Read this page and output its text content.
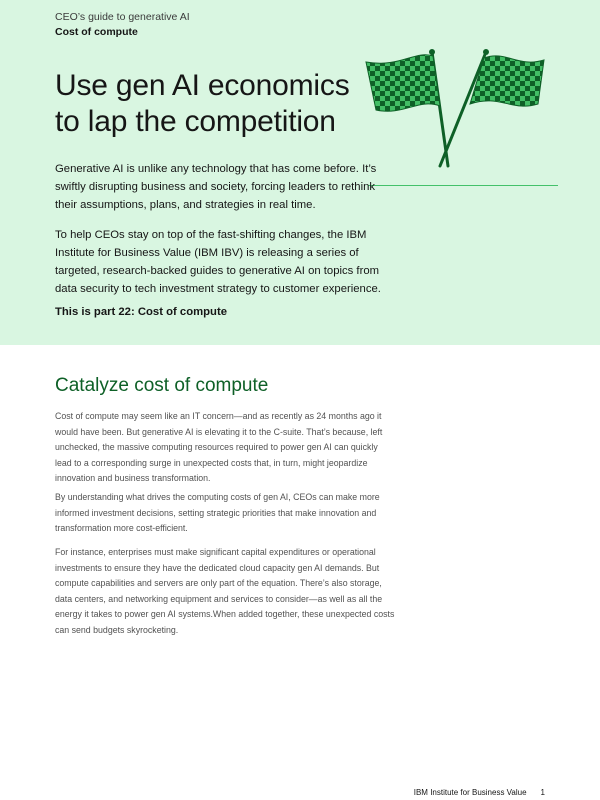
CEO’s guide to generative AI
Cost of compute
Use gen AI economics to lap the competition

Generative AI is unlike any technology that has come before. It’s swiftly disrupting business and society, forcing leaders to rethink their assumptions, plans, and strategies in real time.

To help CEOs stay on top of the fast-shifting changes, the IBM Institute for Business Value (IBM IBV) is releasing a series of targeted, research-backed guides to generative AI on topics from data security to tech investment strategy to customer experience.

This is part 22: Cost of compute

Catalyze cost of compute

Cost of compute may seem like an IT concern—and as recently as 24 months ago it would have been. But generative AI is elevating it to the C-suite. That’s because, left unchecked, the massive computing resources required to power gen AI can quickly lead to a corresponding surge in unexpected costs that, in turn, might jeopardize innovation and business transformation.

By understanding what drives the computing costs of gen AI, CEOs can make more informed investment decisions, setting strategic priorities that make innovation and transformation more cost-efficient.

For instance, enterprises must make significant capital expenditures or operational investments to ensure they have the dedicated cloud capacity gen AI demands. But compute capabilities and servers are only part of the equation. There’s also storage, data centers, and networking equipment and services to consider—as well as all the energy it takes to power gen AI systems.When added together, these unexpected costs can send budgets skyrocketing.

IBM Institute for Business Value 1
